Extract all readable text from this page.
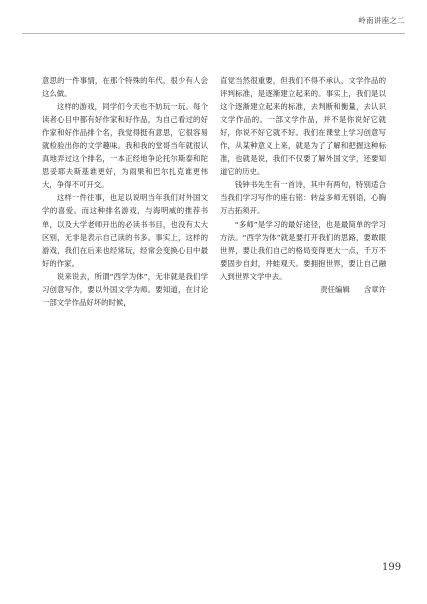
岭南讲座之二

意思的一件事情，在那个特殊的年代，很少有人会这么做。

这样的游戏，同学们今天也不妨玩一玩。每个读者心目中都有好作家和好作品，为自己看过的好作家和好作品排个名，我觉得挺有意思，它很容易就检验出你的文学趣味。我和我的堂哥当年就很认真地弄过这个排名，一本正经地争论托尔斯泰和陀思妥耶夫斯基谁更好，为雨果和巴尔扎克谁更伟大，争得不可开交。

这样一件往事，也足以说明当年我们对外国文学的喜爱。而这种排名游戏，与海明威的推荐书单，以及大学老师开出的必读书书目，也没有太大区别，无非是表示自己读的书多。事实上，这样的游戏，我们在后来也经常玩，经常会变换心目中最好的作家。

说来说去，所谓“西学为体”，无非就是我们学习创意写作，要以外国文学为师。要知道，在讨论一部文学作品好坏的时候，

直觉当然很重要，但我们不得不承认，文学作品的评判标准，是逐渐建立起来的。事实上，我们是以这个逐渐建立起来的标准，去判断和衡量，去认识文学作品的。一部文学作品，并不是你说好它就好，你说不好它就不好。我们在课堂上学习创意写作，从某种意义上来，就是为了了解和把握这种标准，也就是说，我们不仅要了解外国文学，还要知道它的历史。

钱钟书先生有一首诗，其中有两句，特别适合当我们学习写作的座右铭：转益多师无别语，心胸万古拓须开。

“多师”是学习的最好途径，也是最简单的学习方法。“西学为体”就是要打开我们的思路，要敢眼世界，要让我们自己的格局变得更大一点，千万不要固步自封，井蛙观天。要拥抱世界，要让自己融入到世界文学中去。

责任编辑 含章许

199
